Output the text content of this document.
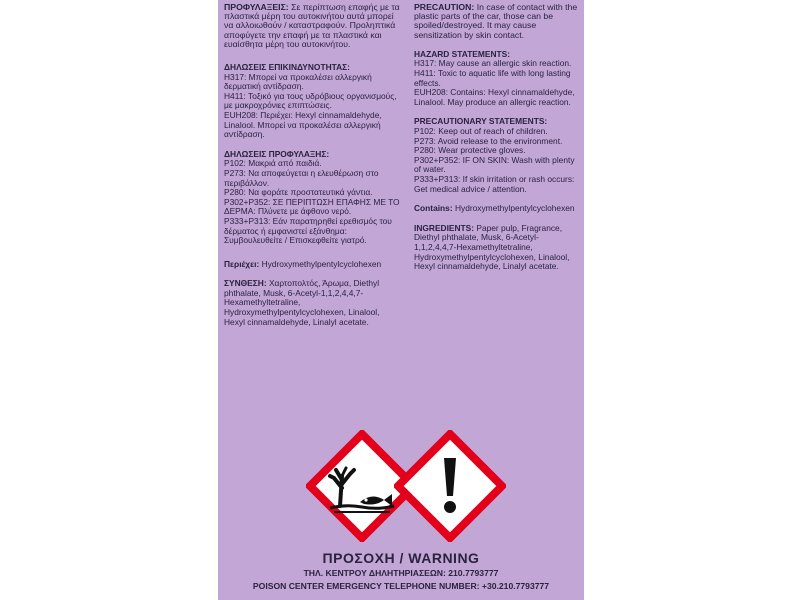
ΠΡΟΦΥΛΑΞΕΙΣ: Σε περίπτωση επαφής με τα πλαστικά μέρη του αυτοκινήτου αυτά μπορεί να αλλοιωθούν / καταστραφούν. Προληπτικά αποφύγετε την επαφή με τα πλαστικά και ευαίσθητα μέρη του αυτοκινήτου.

ΔΗΛΩΣΕΙΣ ΕΠΙΚΙΝΔΥΝΟΤΗΤΑΣ:

H317: Μπορεί να προκαλέσει αλλεργική δερματική αντίδραση.

H411: Τοξικό για τους υδρόβιους οργανισμούς, με μακροχρόνιες επιπτώσεις.

EUH208: Περιέχει: Hexyl cinnamaldehyde, Linalool. Μπορεί να προκαλέσει αλλεργική αντίδραση.

ΔΗΛΩΣΕΙΣ ΠΡΟΦΥΛΑΞΗΣ:

P102: Μακριά από παιδιά.

P273: Να αποφεύγεται η ελευθέρωση στο περιβάλλον.

P280: Να φοράτε προστατευτικά γάντια.

P302+P352: ΣΕ ΠΕΡΙΠΤΩΣΗ ΕΠΑΦΗΣ ΜΕ ΤΟ ΔΕΡΜΑ: Πλύνετε με άφθονο νερό.

P333+P313: Εάν παρατηρηθεί ερεθισμός του δέρματος ή εμφανιστεί εξάνθημα: Συμβουλευθείτε / Επισκεφθείτε γιατρό.

Περιέχει: Hydroxymethylpentylcyclohexen

ΣΥΝΘΕΣΗ: Χαρτοπολτός, Άρωμα, Diethyl phthalate, Musk, 6-Acetyl-1,1,2,4,4,7-Hexamethyltetraline, Hydroxymethylpentylcyclohexen, Linalool, Hexyl cinnamaldehyde, Linalyl acetate.

PRECAUTION: In case of contact with the plastic parts of the car, those can be spoiled/destroyed. It may cause sensitization by skin contact.

HAZARD STATEMENTS:

H317: May cause an allergic skin reaction.

H411: Toxic to aquatic life with long lasting effects.

EUH208: Contains: Hexyl cinnamaldehyde, Linalool. May produce an allergic reaction.

PRECAUTIONARY STATEMENTS:

P102: Keep out of reach of children.

P273: Avoid release to the environment.

P280: Wear protective gloves.

P302+P352: IF ON SKIN: Wash with plenty of water.

P333+P313: If skin irritation or rash occurs: Get medical advice / attention.

Contains: Hydroxymethylpentylcyclohexen

INGREDIENTS: Paper pulp, Fragrance, Diethyl phthalate, Musk, 6-Acetyl-1,1,2,4,4,7-Hexamethyltetraline, Hydroxymethylpentylcyclohexen, Linalool, Hexyl cinnamaldehyde, Linalyl acetate.

ΠΡΟΣΟΧΗ / WARNING
ΤΗΛ. ΚΕΝΤΡΟΥ ΔΗΛΗΤΗΡΙΑΣΕΩΝ: 210.7793777
POISON CENTER EMERGENCY TELEPHONE NUMBER: +30.210.7793777
